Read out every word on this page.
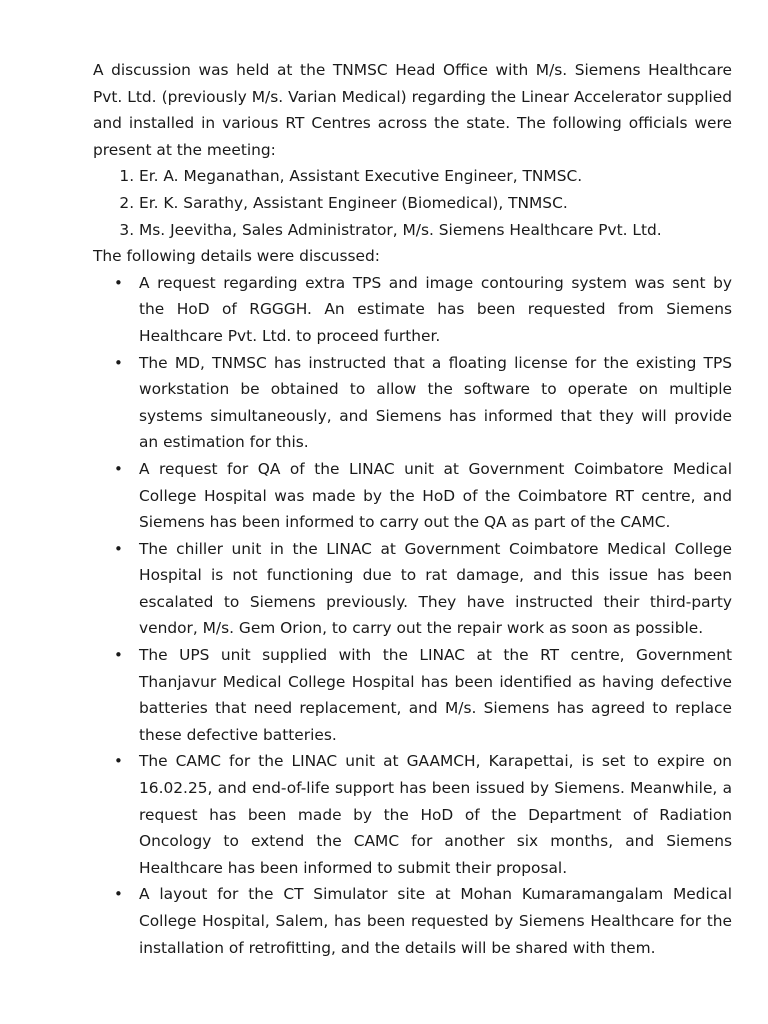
A discussion was held at the TNMSC Head Office with M/s. Siemens Healthcare Pvt. Ltd. (previously M/s. Varian Medical) regarding the Linear Accelerator supplied and installed in various RT Centres across the state. The following officials were present at the meeting:

1. Er. A. Meganathan, Assistant Executive Engineer, TNMSC.
2. Er. K. Sarathy, Assistant Engineer (Biomedical), TNMSC.
3. Ms. Jeevitha, Sales Administrator, M/s. Siemens Healthcare Pvt. Ltd.

The following details were discussed:

• A request regarding extra TPS and image contouring system was sent by the HoD of RGGGH. An estimate has been requested from Siemens Healthcare Pvt. Ltd. to proceed further.
• The MD, TNMSC has instructed that a floating license for the existing TPS workstation be obtained to allow the software to operate on multiple systems simultaneously, and Siemens has informed that they will provide an estimation for this.
• A request for QA of the LINAC unit at Government Coimbatore Medical College Hospital was made by the HoD of the Coimbatore RT centre, and Siemens has been informed to carry out the QA as part of the CAMC.
• The chiller unit in the LINAC at Government Coimbatore Medical College Hospital is not functioning due to rat damage, and this issue has been escalated to Siemens previously. They have instructed their third-party vendor, M/s. Gem Orion, to carry out the repair work as soon as possible.
• The UPS unit supplied with the LINAC at the RT centre, Government Thanjavur Medical College Hospital has been identified as having defective batteries that need replacement, and M/s. Siemens has agreed to replace these defective batteries.
• The CAMC for the LINAC unit at GAAMCH, Karapettai, is set to expire on 16.02.25, and end-of-life support has been issued by Siemens. Meanwhile, a request has been made by the HoD of the Department of Radiation Oncology to extend the CAMC for another six months, and Siemens Healthcare has been informed to submit their proposal.
• A layout for the CT Simulator site at Mohan Kumaramangalam Medical College Hospital, Salem, has been requested by Siemens Healthcare for the installation of retrofitting, and the details will be shared with them.
